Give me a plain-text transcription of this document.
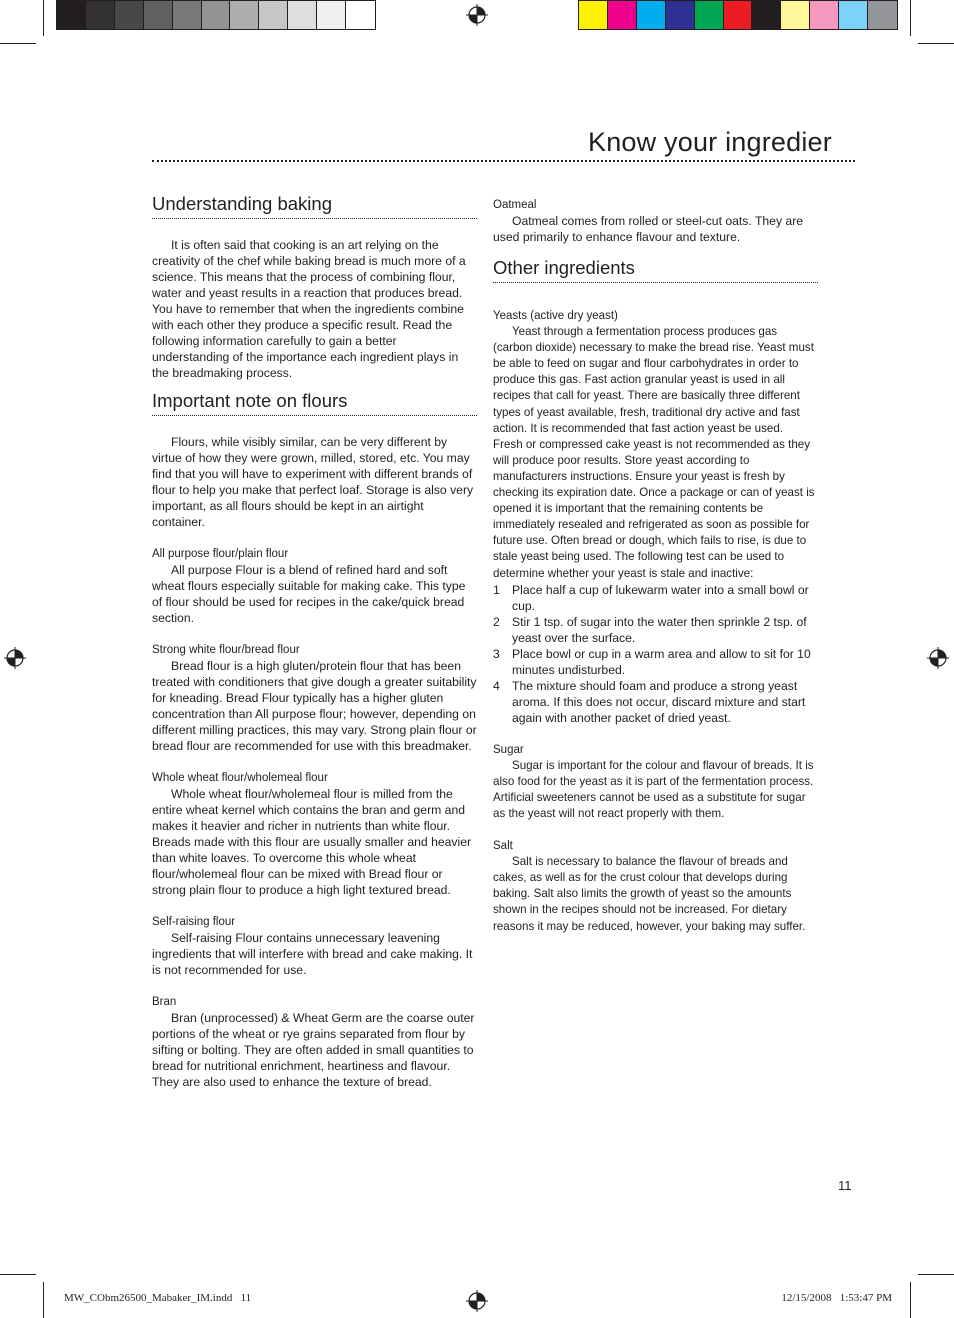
Know your ingredier
Understanding baking

It is often said that cooking is an art relying on the creativity of the chef while baking bread is much more of a science. This means that the process of combining flour, water and yeast results in a reaction that produces bread. You have to remember that when the ingredients combine with each other they produce a specific result. Read the following information carefully to gain a better understanding of the importance each ingredient plays in the breadmaking process.

Important note on flours

Flours, while visibly similar, can be very different by virtue of how they were grown, milled, stored, etc. You may find that you will have to experiment with different brands of flour to help you make that perfect loaf. Storage is also very important, as all flours should be kept in an airtight container.

All purpose flour/plain flour

All purpose Flour is a blend of refined hard and soft wheat flours especially suitable for making cake. This type of flour should be used for recipes in the cake/quick bread section.

Strong white flour/bread flour

Bread flour is a high gluten/protein flour that has been treated with conditioners that give dough a greater suitability for kneading. Bread Flour typically has a higher gluten concentration than All purpose flour; however, depending on different milling practices, this may vary. Strong plain flour or bread flour are recommended for use with this breadmaker.

Whole wheat flour/wholemeal flour

Whole wheat flour/wholemeal flour is milled from the entire wheat kernel which contains the bran and germ and makes it heavier and richer in nutrients than white flour. Breads made with this flour are usually smaller and heavier than white loaves. To overcome this whole wheat flour/wholemeal flour can be mixed with Bread flour or strong plain flour to produce a high light textured bread.

Self-raising flour

Self-raising Flour contains unnecessary leavening ingredients that will interfere with bread and cake making. It is not recommended for use.

Bran

Bran (unprocessed) & Wheat Germ are the coarse outer portions of the wheat or rye grains separated from flour by sifting or bolting. They are often added in small quantities to bread for nutritional enrichment, heartiness and flavour. They are also used to enhance the texture of bread.

Oatmeal

Oatmeal comes from rolled or steel-cut oats. They are used primarily to enhance flavour and texture.

Other ingredients

Yeasts (active dry yeast)

Yeast through a fermentation process produces gas (carbon dioxide) necessary to make the bread rise. Yeast must be able to feed on sugar and flour carbohydrates in order to produce this gas. Fast action granular yeast is used in all recipes that call for yeast. There are basically three different types of yeast available, fresh, traditional dry active and fast action. It is recommended that fast action yeast be used.    Fresh or compressed cake yeast is not recommended as they will produce poor results. Store yeast according to manufacturers instructions. Ensure your yeast is fresh by checking its expiration date. Once a package or can of yeast is opened it is important that the remaining contents be immediately resealed and refrigerated as soon as possible for future use. Often bread or dough, which fails to rise, is due to stale yeast being used. The following test can be used to determine whether your yeast is stale and inactive:

1	Place half a cup of lukewarm water into a small bowl or cup.
2	Stir 1 tsp. of sugar into the water then sprinkle 2 tsp. of yeast over the surface.
3	Place bowl or cup in a warm area and allow to sit for 10 minutes undisturbed.
4	The mixture should foam and produce a strong yeast aroma. If this does not occur, discard mixture and start again with another packet of dried yeast.

Sugar

Sugar is important for the colour and flavour of breads. It is also food for the yeast as it is part of the fermentation process. Artificial sweeteners cannot be used as a substitute for sugar as the yeast will not react properly with them.

Salt

Salt is necessary to balance the flavour of breads and cakes, as well as for the crust colour that develops during baking. Salt also limits the growth of yeast so the amounts shown in the recipes should not be increased. For dietary reasons it may be reduced, however, your baking may suffer.

11
MW_CObm26500_Mabaker_IM.indd   11	12/15/2008   1:53:47 PM
